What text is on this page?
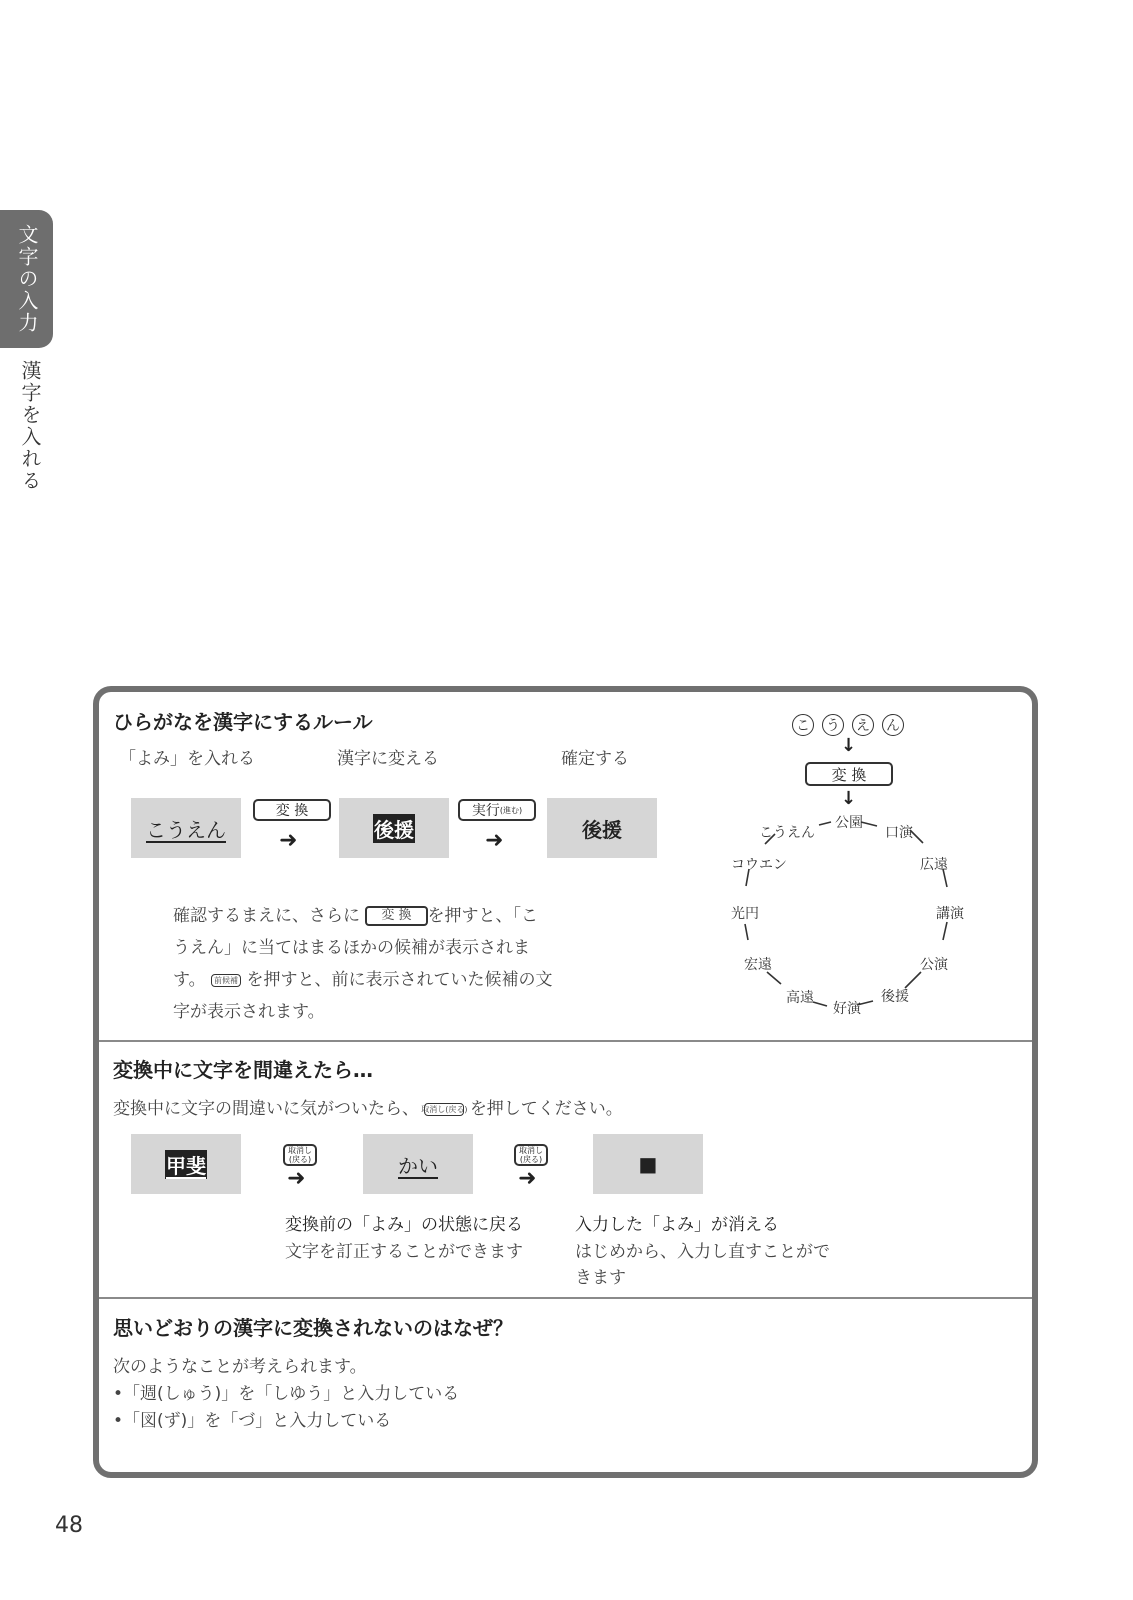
文字の入力
漢字を入れる
ひらがなを漢字にするルール
「よみ」を入れる	漢字に変える	確定する
こうえん
変 換
➜	後援
実行 (進む)
➜	後援
確認するまえに、さらに 変 換 を押すと、「こ
うえん」に当てはまるほかの候補が表示されま
す。 前候補 を押すと、前に表示されていた候補の文
字が表示されます。
こ う え ん
↓
変 換
↓
公園
口演
広遠
講演
公演
後援
好演
高遠
宏遠
光円
コウエン
こうえん
変換中に文字を間違えたら…
変換中に文字の間違いに気がついたら、 取消し(戻る) を押してください。
甲斐
取消し
(戻る)
➜
かい
取消し
(戻る)
➜
■
変換前の「よみ」の状態に戻る
文字を訂正することができます
入力した「よみ」が消える
はじめから、入力し直すことがで
きます
思いどおりの漢字に変換されないのはなぜ？
次のようなことが考えられます。
•「週(しゅう)」を「しゆう」と入力している
•「図(ず)」を「づ」と入力している
48
